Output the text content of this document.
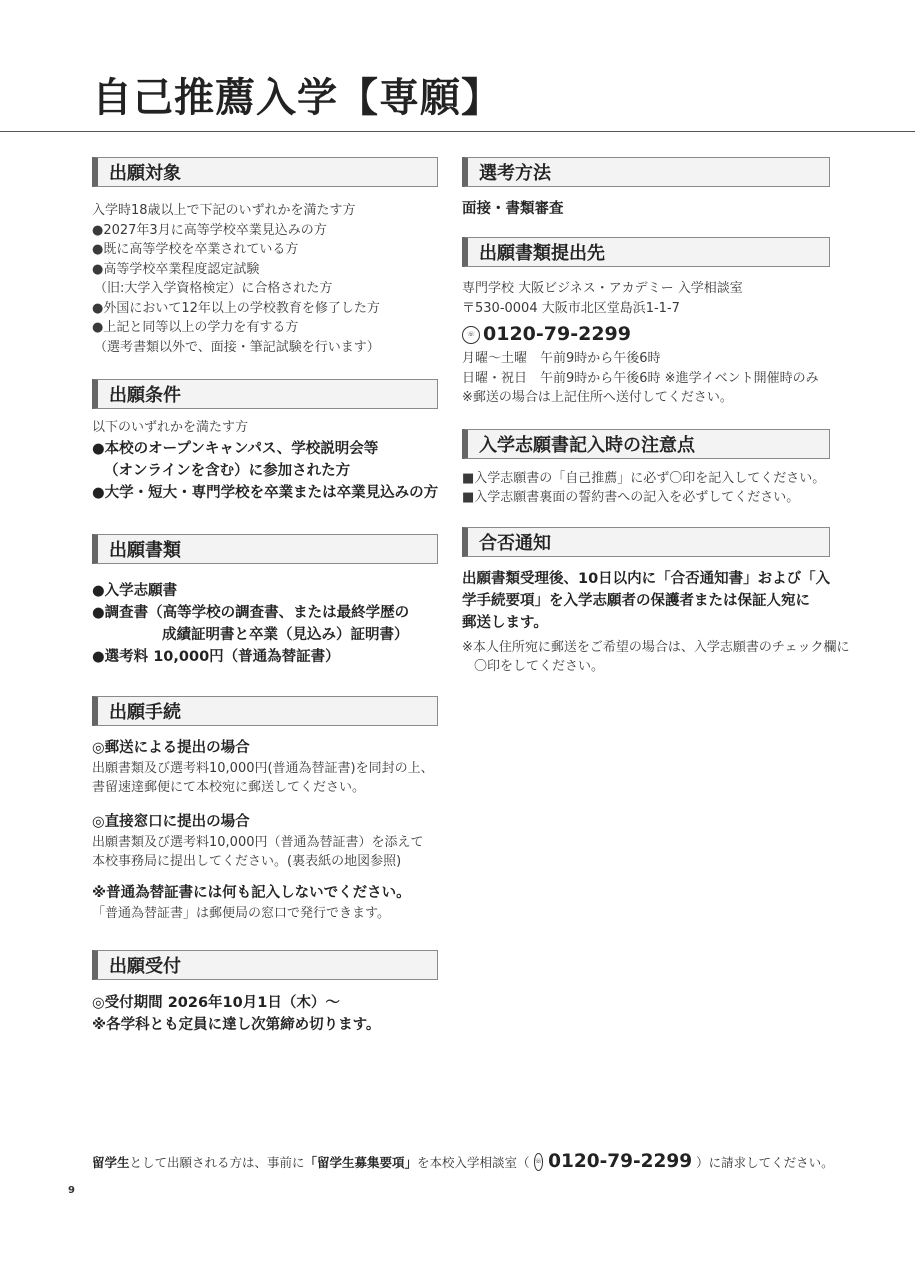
自己推薦入学【専願】
出願対象
入学時18歳以上で下記のいずれかを満たす方
●2027年3月に高等学校卒業見込みの方
●既に高等学校を卒業されている方
●高等学校卒業程度認定試験
（旧:大学入学資格検定）に合格された方
●外国において12年以上の学校教育を修了した方
●上記と同等以上の学力を有する方
（選考書類以外で、面接・筆記試験を行います）
出願条件
以下のいずれかを満たす方
●本校のオープンキャンパス、学校説明会等
（オンラインを含む）に参加された方
●大学・短大・専門学校を卒業または卒業見込みの方
出願書類
●入学志願書
●調査書（高等学校の調査書、または最終学歴の
成績証明書と卒業（見込み）証明書）
●選考料 10,000円（普通為替証書）
出願手続
◎郵送による提出の場合
出願書類及び選考料10,000円(普通為替証書)を同封の上、
書留速達郵便にて本校宛に郵送してください。
◎直接窓口に提出の場合
出願書類及び選考料10,000円（普通為替証書）を添えて
本校事務局に提出してください。(裏表紙の地図参照)
※普通為替証書には何も記入しないでください。
「普通為替証書」は郵便局の窓口で発行できます。
出願受付
◎受付期間 2026年10月1日（木）〜
※各学科とも定員に達し次第締め切ります。
選考方法
面接・書類審査
出願書類提出先
専門学校 大阪ビジネス・アカデミー 入学相談室
〒530-0004 大阪市北区堂島浜1-1-7
☏ 0120-79-2299
月曜〜土曜　午前9時から午後6時
日曜・祝日　午前9時から午後6時 ※進学イベント開催時のみ
※郵送の場合は上記住所へ送付してください。
入学志願書記入時の注意点
■入学志願書の「自己推薦」に必ず〇印を記入してください。
■入学志願書裏面の誓約書への記入を必ずしてください。
合否通知
出願書類受理後、10日以内に「合否通知書」および「入
学手続要項」を入学志願者の保護者または保証人宛に
郵送します。
※本人住所宛に郵送をご希望の場合は、入学志願書のチェック欄に
〇印をしてください。
留学生 として出願される方は、事前に 「留学生募集要項」 を本校入学相談室（ ☏ 0120-79-2299 ）に請求してください。
9
